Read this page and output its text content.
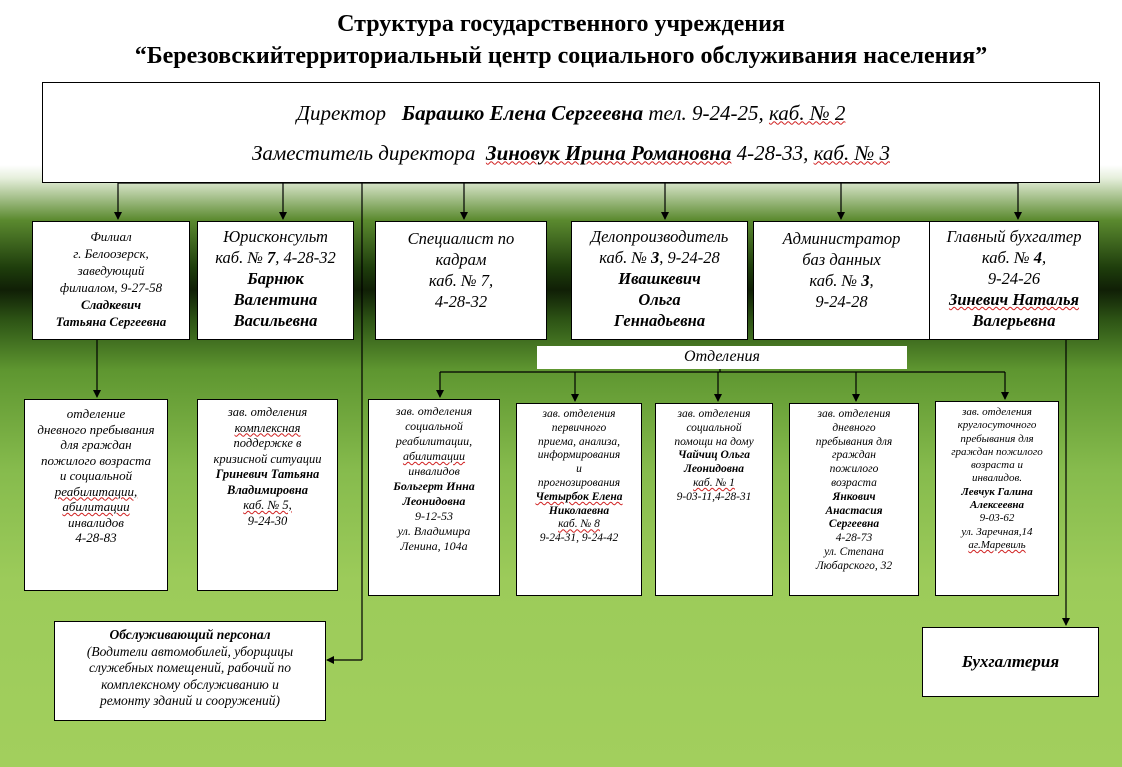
Структура государственного учреждения
“Березовскийтерриториальный центр социального обслуживания населения”
Директор Барашко Елена Сергеевна тел. 9-24-25, каб. № 2
Заместитель директора Зиновук Ирина Романовна 4-28-33, каб. № 3
Филиал
г. Белоозерск,
заведующий
филиалом, 9-27-58
Сладкевич
Татьяна Сергеевна
Юрисконсульт
каб. № 7, 4-28-32
Барнюк
Валентина
Васильевна
Специалист по
кадрам
каб. № 7,
4-28-32
Делопроизводитель
каб. № 3, 9-24-28
Ивашкевич
Ольга
Геннадьевна
Администратор
баз данных
каб. № 3,
9-24-28
Главный бухгалтер
каб. № 4,
9-24-26
Зиневич Наталья
Валерьевна
Отделения
отделение
дневного пребывания
для граждан
пожилого возраста
и социальной
реабилитации,
абилитации
инвалидов
4-28-83
зав. отделения
комплексная
поддержке в
кризисной ситуации
Гриневич Татьяна
Владимировна
каб. № 5,
9-24-30
зав. отделения
социальной
реабилитации,
абилитации
инвалидов
Больгерт Инна
Леонидовна
9-12-53
ул. Владимира
Ленина, 104а
зав. отделения
первичного
приема, анализа,
информирования
и
прогнозирования
Четырбок Елена
Николаевна
каб. № 8
9-24-31, 9-24-42
зав. отделения
социальной
помощи на дому
Чайчиц Ольга
Леонидовна
каб. № 1
9-03-11,4-28-31
зав. отделения
дневного
пребывания для
граждан
пожилого
возраста
Янкович
Анастасия
Сергеевна
4-28-73
ул. Степана
Любарского, 32
зав. отделения
круглосуточного
пребывания для
граждан пожилого
возраста и
инвалидов.
Левчук Галина
Алексеевна
9-03-62
ул. Заречная,14
аг.Маревиль
Обслуживающий персонал
(Водители автомобилей, уборщицы
служебных помещений, рабочий по
комплексному обслуживанию и
ремонту зданий и сооружений)
Бухгалтерия
